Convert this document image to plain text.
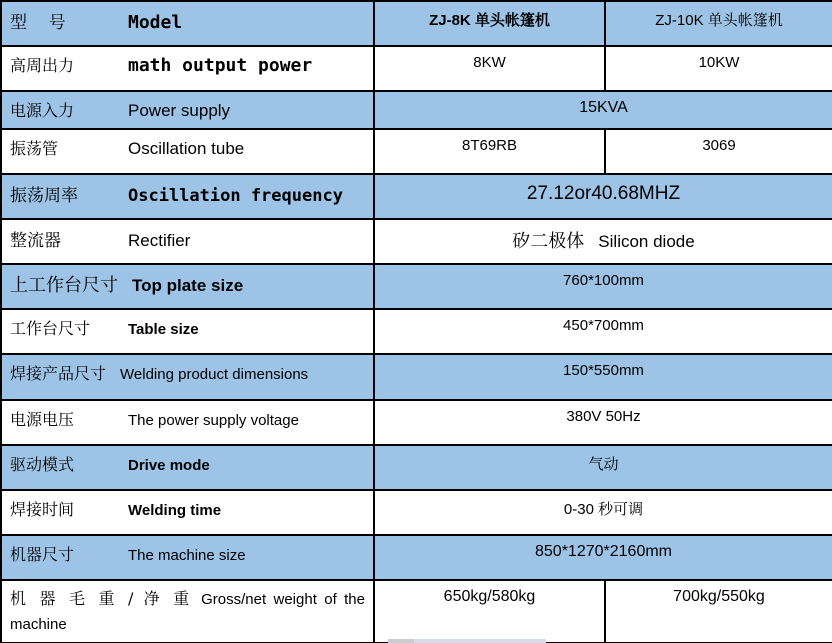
型    号 Model	ZJ-8K 单头帐篷机	ZJ-10K 单头帐篷机

高周出力 math output power	8KW	10KW

电源入力 Power supply	15KVA	

振荡管 Oscillation tube	8T69RB	3069

振荡周率 Oscillation frequency	27.12or40.68MHZ	

整流器 Rectifier	矽二极体 Silicon diode	

上工作台尺寸 Top plate size	760*100mm	

工作台尺寸 Table size	450*700mm	

焊接产品尺寸 Welding product dimensions	150*550mm	

电源电压 The power supply voltage	380V 50Hz	

驱动模式 Drive mode	气动	

焊接时间 Welding time	0-30 秒可调	

机器尺寸 The machine size	850*1270*2160mm	

机 器 毛 重 / 净 重 Gross/net weight of the machine	650kg/580kg	700kg/550kg
